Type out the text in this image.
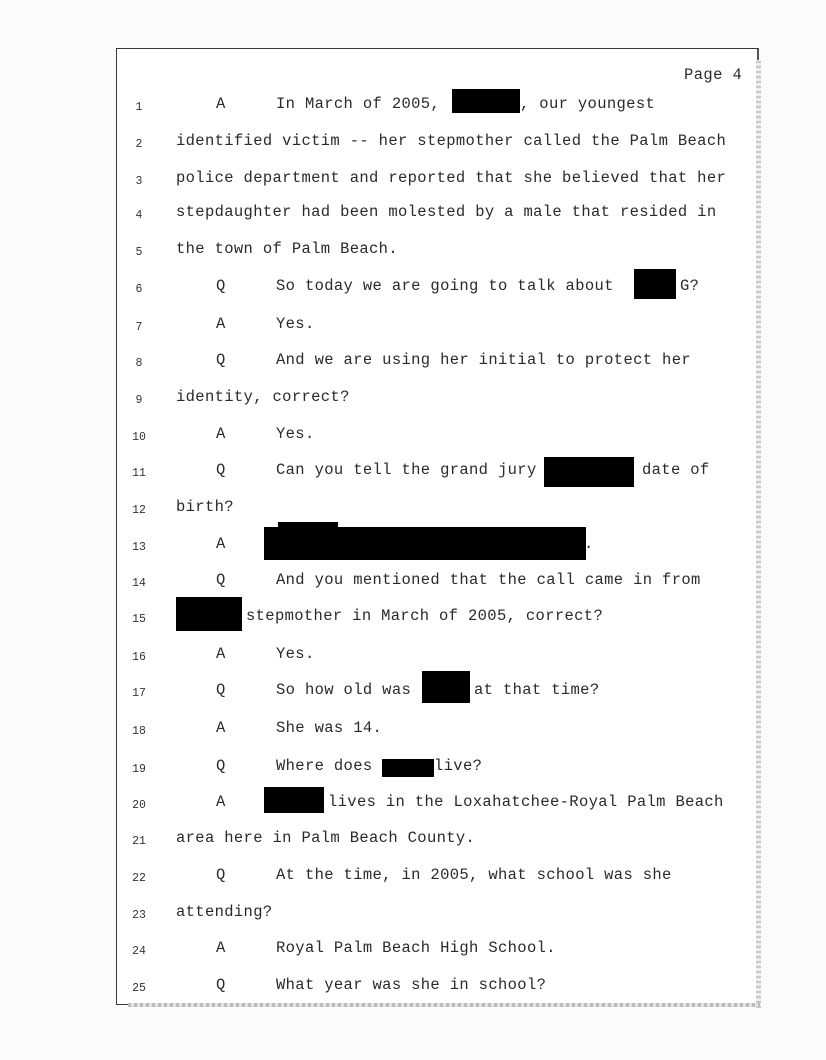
Page 4
1	A	In March of 2005,	, our youngest
2	identified victim -- her stepmother called the Palm Beach
3	police department and reported that she believed that her
4	stepdaughter had been molested by a male that resided in
5	the town of Palm Beach.
6	Q	So today we are going to talk about	G?
7	A	Yes.
8	Q	And we are using her initial to protect her
9	identity, correct?
10	A	Yes.
11	Q	Can you tell the grand jury	date of
12	birth?
13	A	.
14	Q	And you mentioned that the call came in from
15	stepmother in March of 2005, correct?
16	A	Yes.
17	Q	So how old was	at that time?
18	A	She was 14.
19	Q	Where does	live?
20	A	lives in the Loxahatchee-Royal Palm Beach
21	area here in Palm Beach County.
22	Q	At the time, in 2005, what school was she
23	attending?
24	A	Royal Palm Beach High School.
25	Q	What year was she in school?
